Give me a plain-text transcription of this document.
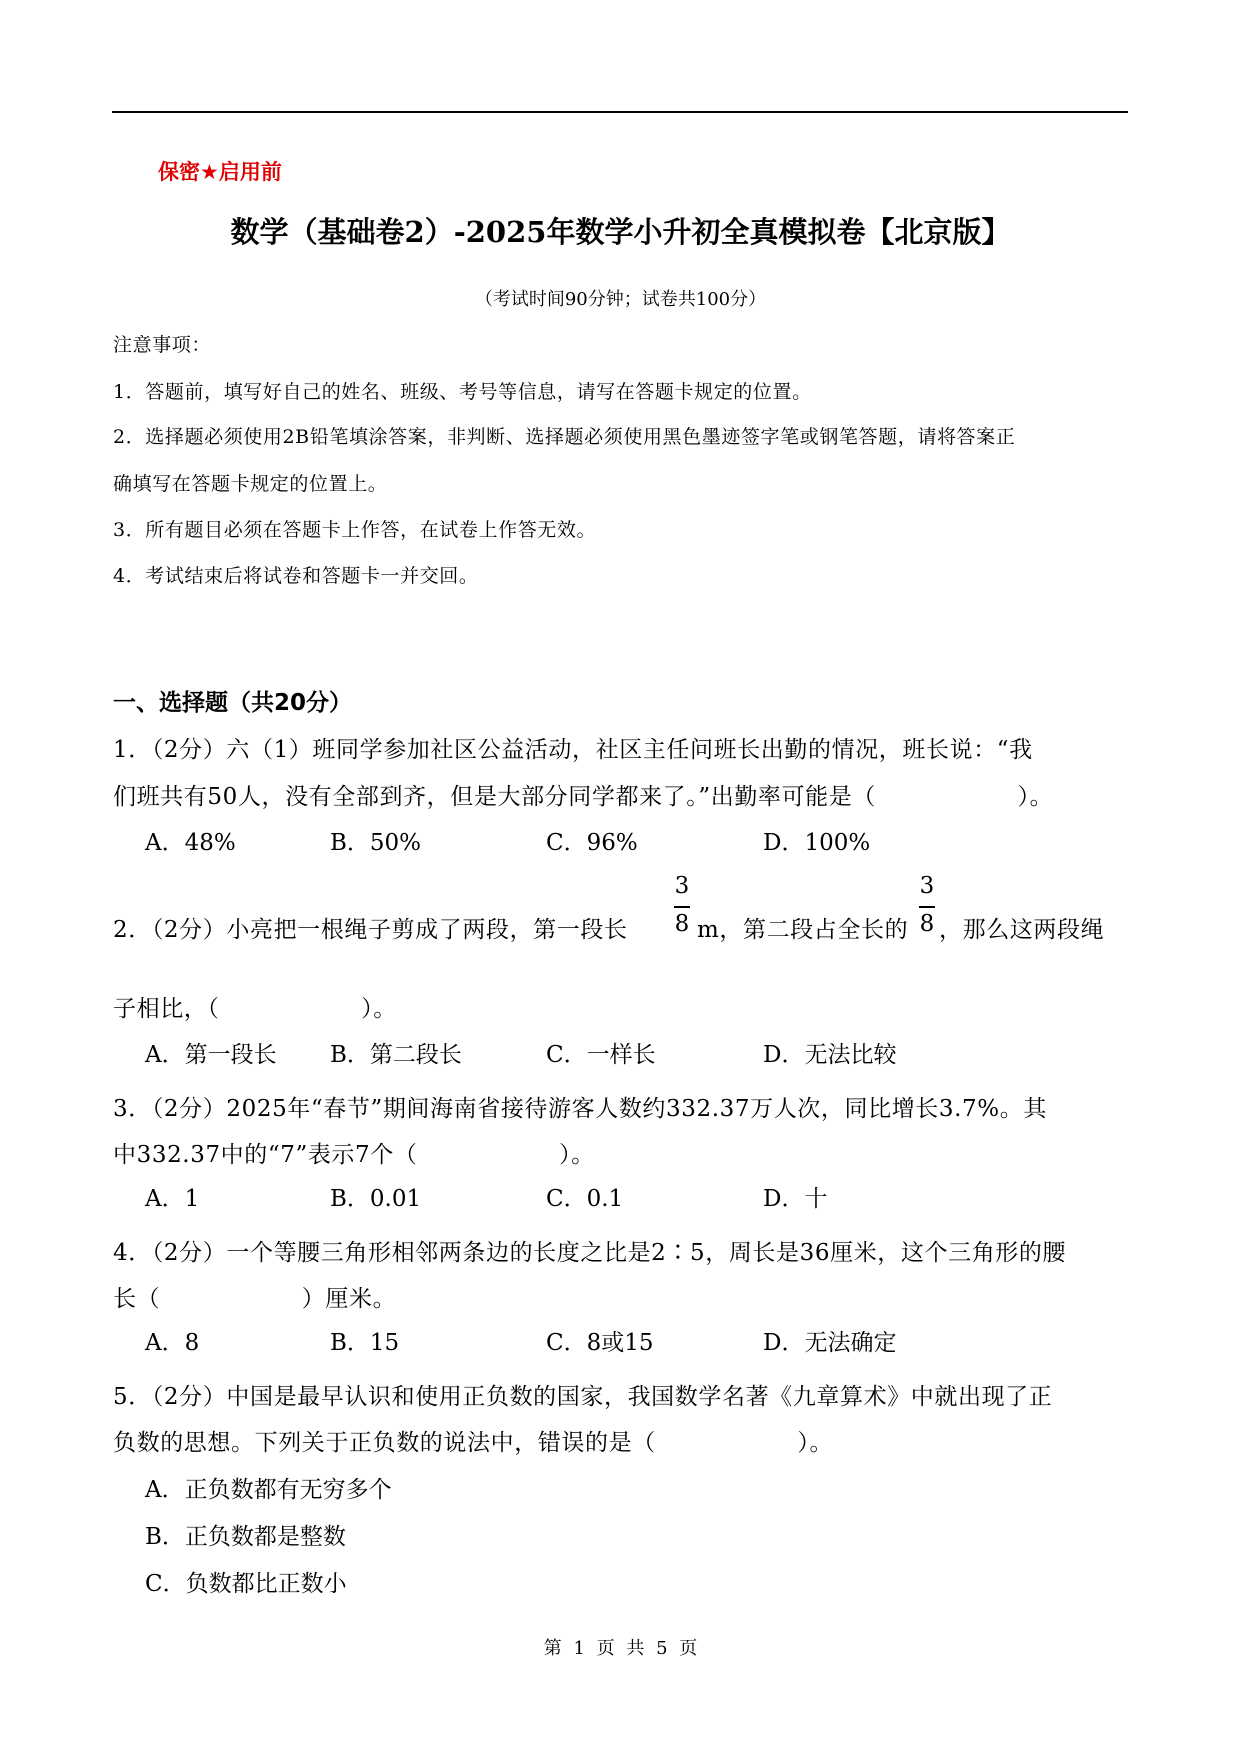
保密★启用前
数学（基础卷2）-2025年数学小升初全真模拟卷【北京版】
（考试时间90分钟；试卷共100分）
注意事项：
1．答题前，填写好自己的姓名、班级、考号等信息，请写在答题卡规定的位置。
2．选择题必须使用2B铅笔填涂答案，非判断、选择题必须使用黑色墨迹签字笔或钢笔答题，请将答案正
确填写在答题卡规定的位置上。
3．所有题目必须在答题卡上作答，在试卷上作答无效。
4．考试结束后将试卷和答题卡一并交回。
一、选择题（共20分）
1．（2分）六（1）班同学参加社区公益活动，社区主任问班长出勤的情况，班长说：“我
们班共有50人，没有全部到齐，但是大部分同学都来了。”出勤率可能是（　　　　　　）。
A．48%	B．50%	C．96%	D．100%
2．（2分）小亮把一根绳子剪成了两段，第一段长
3
8 m，第二段占全长的
3
8 ，那么这两段绳
子相比，（　　　　　　）。
A．第一段长 B．第二段长	C．一样长	D．无法比较
3．（2分）2025年“春节”期间海南省接待游客人数约332.37万人次，同比增长3.7%。其
中332.37中的“7”表示7个（　　　　　　）。
A．1	B．0.01	C．0.1	D．十
4．（2分）一个等腰三角形相邻两条边的长度之比是2∶5，周长是36厘米，这个三角形的腰
长（　　　　　　）厘米。
A．8	B．15	C．8或15	D．无法确定
5．（2分）中国是最早认识和使用正负数的国家，我国数学名著《九章算术》中就出现了正
负数的思想。下列关于正负数的说法中，错误的是（　　　　　　）。
A．正负数都有无穷多个
B．正负数都是整数
C．负数都比正数小
第 1 页 共 5 页
